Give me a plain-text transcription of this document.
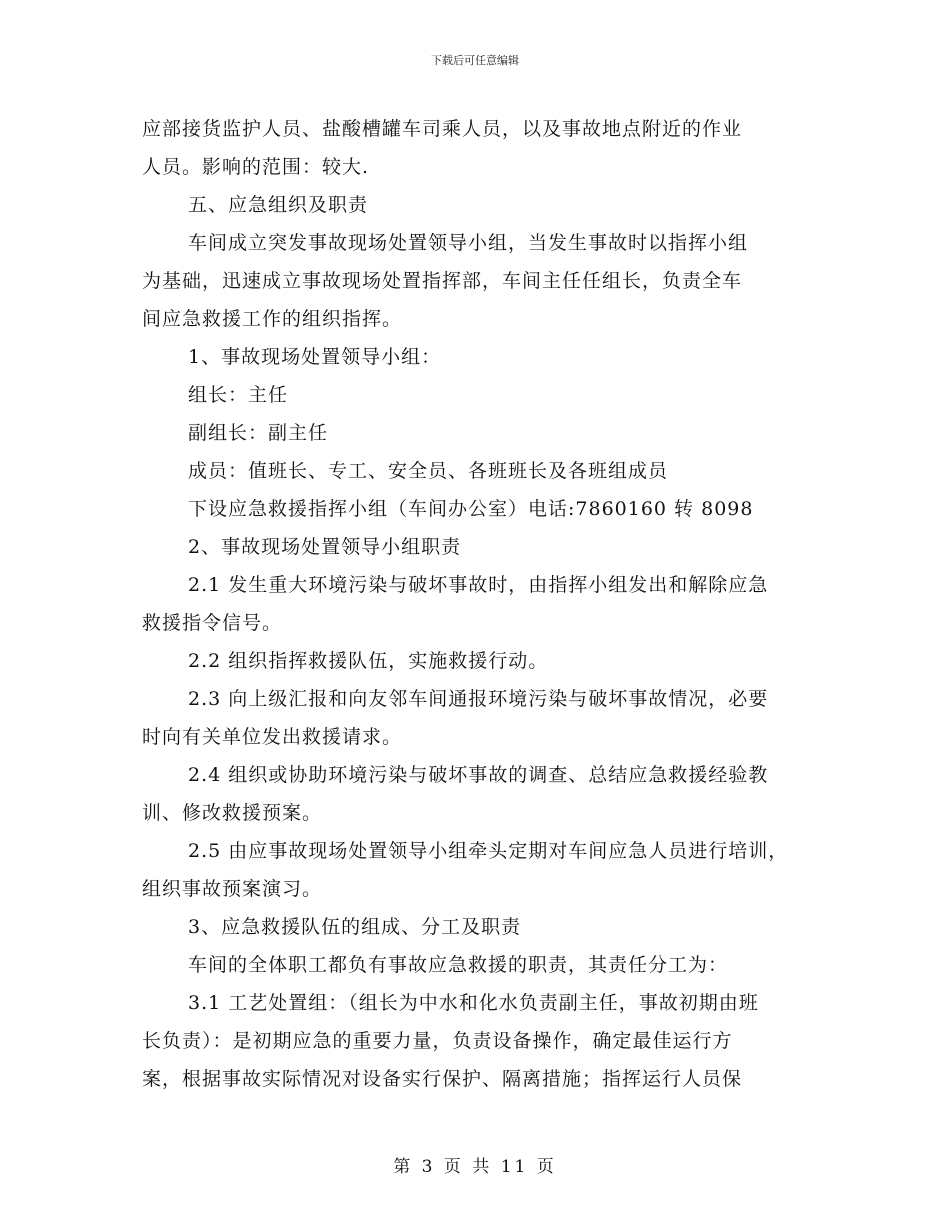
下载后可任意编辑
应部接货监护人员、盐酸槽罐车司乘人员，以及事故地点附近的作业
人员。影响的范围：较大.
五、应急组织及职责
车间成立突发事故现场处置领导小组，当发生事故时以指挥小组
为基础，迅速成立事故现场处置指挥部，车间主任任组长，负责全车
间应急救援工作的组织指挥。
1、事故现场处置领导小组：
组长：主任
副组长：副主任
成员：值班长、专工、安全员、各班班长及各班组成员
下设应急救援指挥小组（车间办公室）电话:7860160 转 8098
2、事故现场处置领导小组职责
2.1 发生重大环境污染与破坏事故时，由指挥小组发出和解除应急
救援指令信号。
2.2 组织指挥救援队伍，实施救援行动。
2.3 向上级汇报和向友邻车间通报环境污染与破坏事故情况，必要
时向有关单位发出救援请求。
2.4 组织或协助环境污染与破坏事故的调查、总结应急救援经验教
训、修改救援预案。
2.5 由应事故现场处置领导小组牵头定期对车间应急人员进行培训，
组织事故预案演习。
3、应急救援队伍的组成、分工及职责
车间的全体职工都负有事故应急救援的职责，其责任分工为：
3.1 工艺处置组：（组长为中水和化水负责副主任，事故初期由班
长负责）：是初期应急的重要力量，负责设备操作，确定最佳运行方
案，根据事故实际情况对设备实行保护、隔离措施；指挥运行人员保
第 3 页 共 11 页
